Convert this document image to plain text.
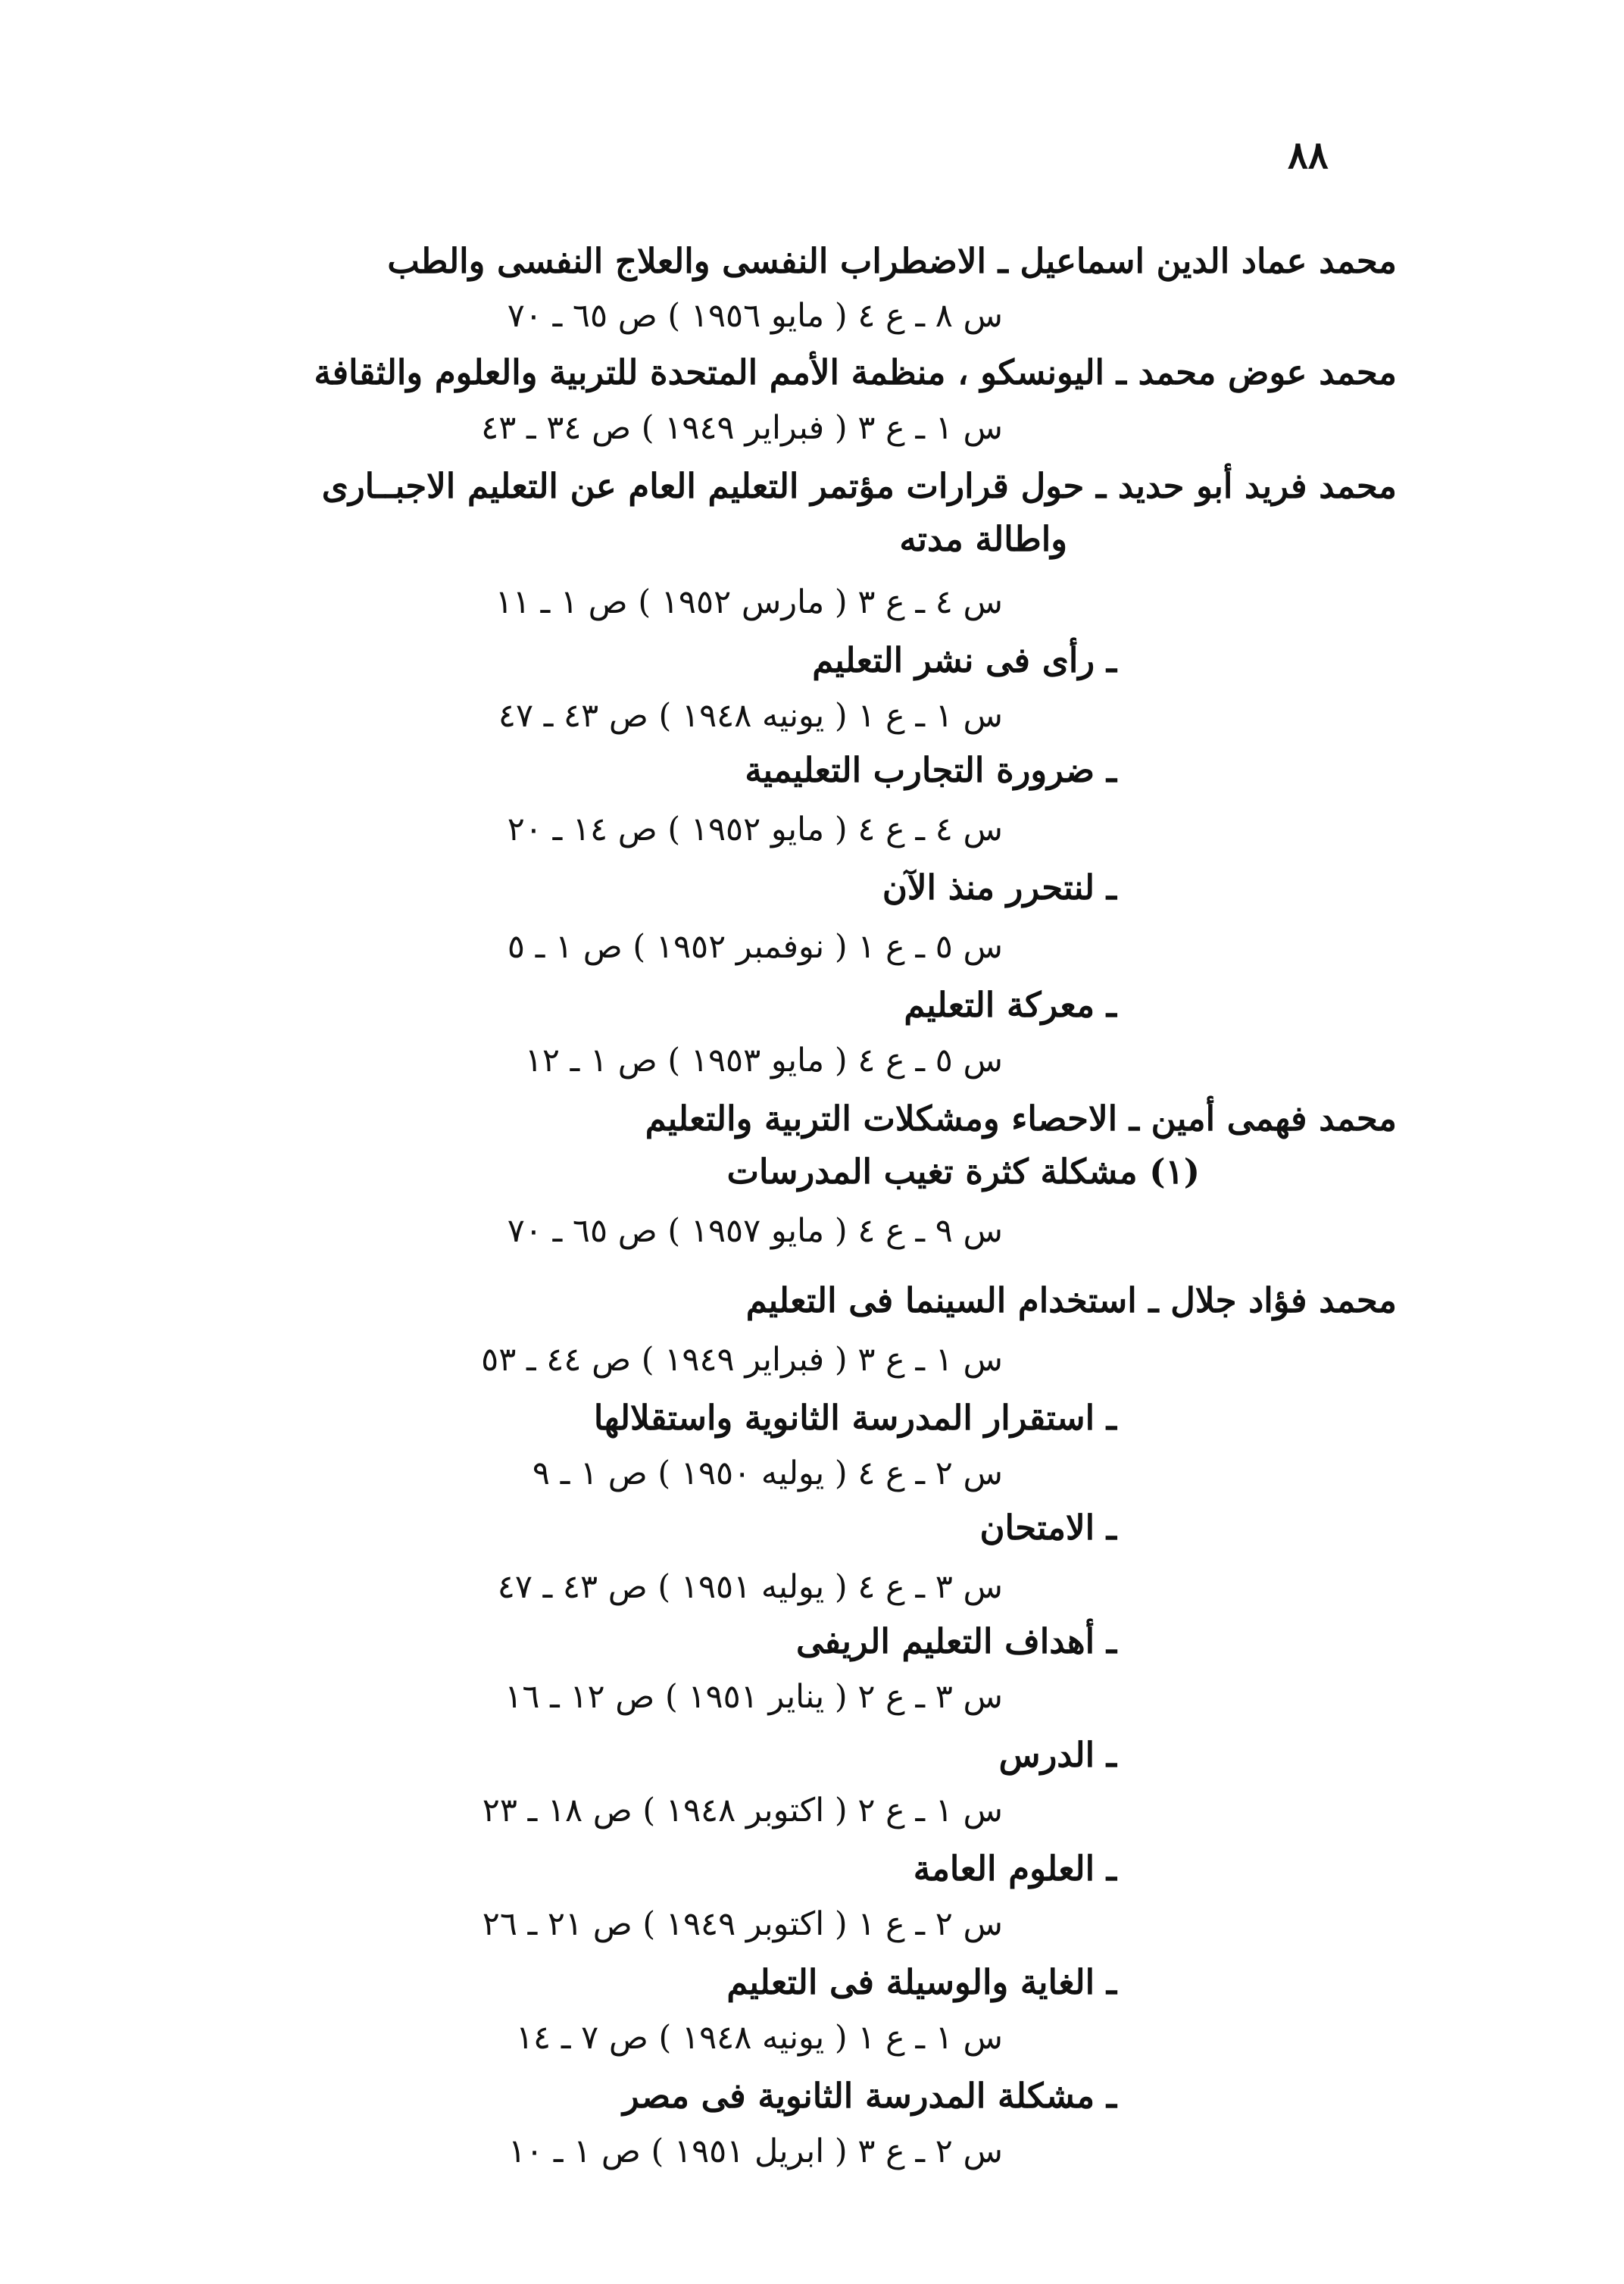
٨٨
محمد عماد الدين اسماعيل ـ الاضطراب النفسى والعلاج النفسى والطب
س ٨ ـ ع ٤ ( مايو ١٩٥٦ ) ص ٦٥ ـ ٧٠
محمد عوض محمد ـ اليونسكو ، منظمة الأمم المتحدة للتربية والعلوم والثقافة
س ١ ـ ع ٣ ( فبراير ١٩٤٩ ) ص ٣٤ ـ ٤٣
محمد فريد أبو حديد ـ حول قرارات مؤتمر التعليم العام عن التعليم الاجبــارى
واطالة مدته
س ٤ ـ ع ٣ ( مارس ١٩٥٢ ) ص ١ ـ ١١
ـ رأى فى نشر التعليم
س ١ ـ ع ١ ( يونيه ١٩٤٨ ) ص ٤٣ ـ ٤٧
ـ ضرورة التجارب التعليمية
س ٤ ـ ع ٤ ( مايو ١٩٥٢ ) ص ١٤ ـ ٢٠
ـ لنتحرر منذ الآن
س ٥ ـ ع ١ ( نوفمبر ١٩٥٢ ) ص ١ ـ ٥
ـ معركة التعليم
س ٥ ـ ع ٤ ( مايو ١٩٥٣ ) ص ١ ـ ١٢
محمد فهمى أمين ـ الاحصاء ومشكلات التربية والتعليم
(١) مشكلة كثرة تغيب المدرسات
س ٩ ـ ع ٤ ( مايو ١٩٥٧ ) ص ٦٥ ـ ٧٠
محمد فؤاد جلال ـ استخدام السينما فى التعليم
س ١ ـ ع ٣ ( فبراير ١٩٤٩ ) ص ٤٤ ـ ٥٣
ـ استقرار المدرسة الثانوية واستقلالها
س ٢ ـ ع ٤ ( يوليه ١٩٥٠ ) ص ١ ـ ٩
ـ الامتحان
س ٣ ـ ع ٤ ( يوليه ١٩٥١ ) ص ٤٣ ـ ٤٧
ـ أهداف التعليم الريفى
س ٣ ـ ع ٢ ( يناير ١٩٥١ ) ص ١٢ ـ ١٦
ـ الدرس
س ١ ـ ع ٢ ( اكتوبر ١٩٤٨ ) ص ١٨ ـ ٢٣
ـ العلوم العامة
س ٢ ـ ع ١ ( اكتوبر ١٩٤٩ ) ص ٢١ ـ ٢٦
ـ الغاية والوسيلة فى التعليم
س ١ ـ ع ١ ( يونيه ١٩٤٨ ) ص ٧ ـ ١٤
ـ مشكلة المدرسة الثانوية فى مصر
س ٢ ـ ع ٣ ( ابريل ١٩٥١ ) ص ١ ـ ١٠
